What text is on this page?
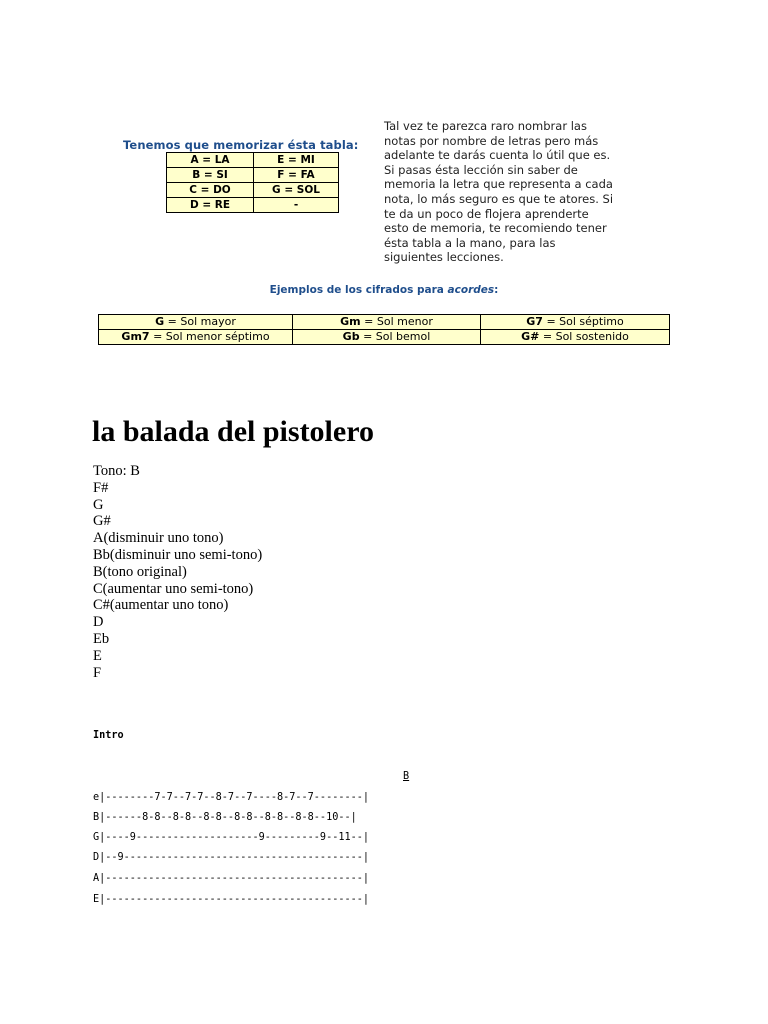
Tenemos que memorizar ésta tabla:
A = LA	E = MI
B = SI	F = FA
C = DO	G = SOL
D = RE	-
Tal vez te parezca raro nombrar las
notas por nombre de letras pero más
adelante te darás cuenta lo útil que es.
Si pasas ésta lección sin saber de
memoria la letra que representa a cada
nota, lo más seguro es que te atores. Si
te da un poco de flojera aprenderte
esto de memoria, te recomiendo tener
ésta tabla a la mano, para las
siguientes lecciones.
Ejemplos de los cifrados para acordes:
G = Sol mayor	Gm = Sol menor	G7 = Sol séptimo
Gm7 = Sol menor séptimo	Gb = Sol bemol	G# = Sol sostenido
la balada del pistolero
Tono: B
F#
G
G#
A(disminuir uno tono)
Bb(disminuir uno semi-tono)
B(tono original)
C(aumentar uno semi-tono)
C#(aumentar uno tono)
D
Eb
E
F
Intro
B
e|--------7-7--7-7--8-7--7----8-7--7--------|
B|------8-8--8-8--8-8--8-8--8-8--8-8--10--|
G|----9--------------------9---------9--11--|
D|--9---------------------------------------|
A|------------------------------------------|
E|------------------------------------------|
